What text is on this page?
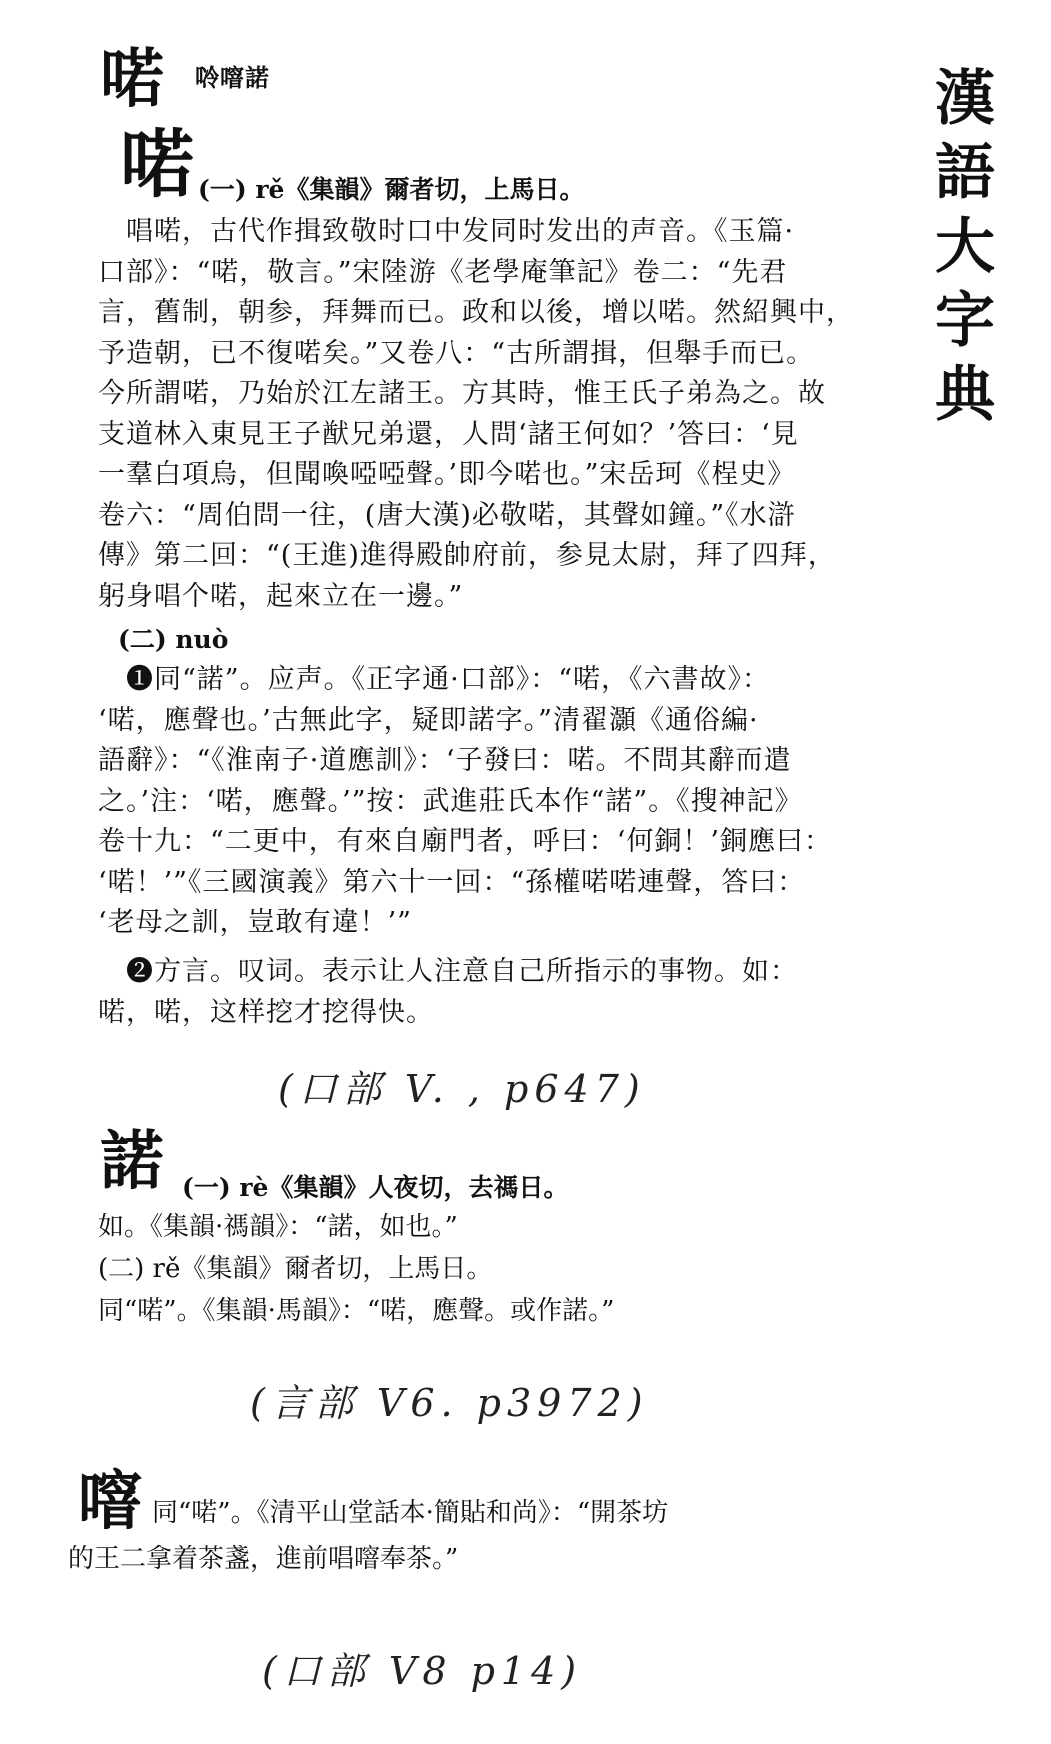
喏 唥噾諾	漢
語
大
字
典
喏 (一) rě《集韻》爾者切，上馬日。
唱喏，古代作揖致敬时口中发同时发出的声音。《玉篇·
口部》：“喏，敬言。”宋陸游《老學庵筆記》卷二：“先君
言，舊制，朝参，拜舞而已。政和以後，增以喏。然紹興中，
予造朝，已不復喏矣。”又卷八：“古所謂揖，但舉手而已。
今所謂喏，乃始於江左諸王。方其時，惟王氏子弟為之。故
支道林入東見王子猷兄弟還，人問‘諸王何如？’答曰：‘見
一羣白項烏，但聞喚啞啞聲。’即今喏也。”宋岳珂《桯史》
卷六：“周伯問一往，(唐大漢)必敬喏，其聲如鐘。”《水滸
傳》第二回：“(王進)進得殿帥府前，参見太尉，拜了四拜，
躬身唱个喏，起來立在一邊。”
(二) nuò
❶同“諾”。应声。《正字通·口部》：“喏，《六書故》：
‘喏，應聲也。’古無此字，疑即諾字。”清翟灝《通俗編·
語辭》：“《淮南子·道應訓》：‘子發曰：喏。不問其辭而遣
之。’注：‘喏，應聲。’”按：武進莊氏本作“諾”。《搜神記》
卷十九：“二更中，有來自廟門者，呼曰：‘何銅！’銅應曰：
‘喏！’”《三國演義》第六十一回：“孫權喏喏連聲，答曰：
‘老母之訓，豈敢有違！’”
❷方言。叹词。表示让人注意自己所指示的事物。如：
喏，喏，这样挖才挖得快。
(口部 V. , p647)
諾 (一) rè《集韻》人夜切，去禡日。
如。《集韻·禡韻》：“諾，如也。”
(二) rě《集韻》爾者切，上馬日。
同“喏”。《集韻·馬韻》：“喏，應聲。或作諾。”
(言部 V6. p3972)
噾 同“喏”。《清平山堂話本·簡貼和尚》：“開茶坊
的王二拿着茶盞，進前唱噾奉茶。”
(口部 V8 p14)
